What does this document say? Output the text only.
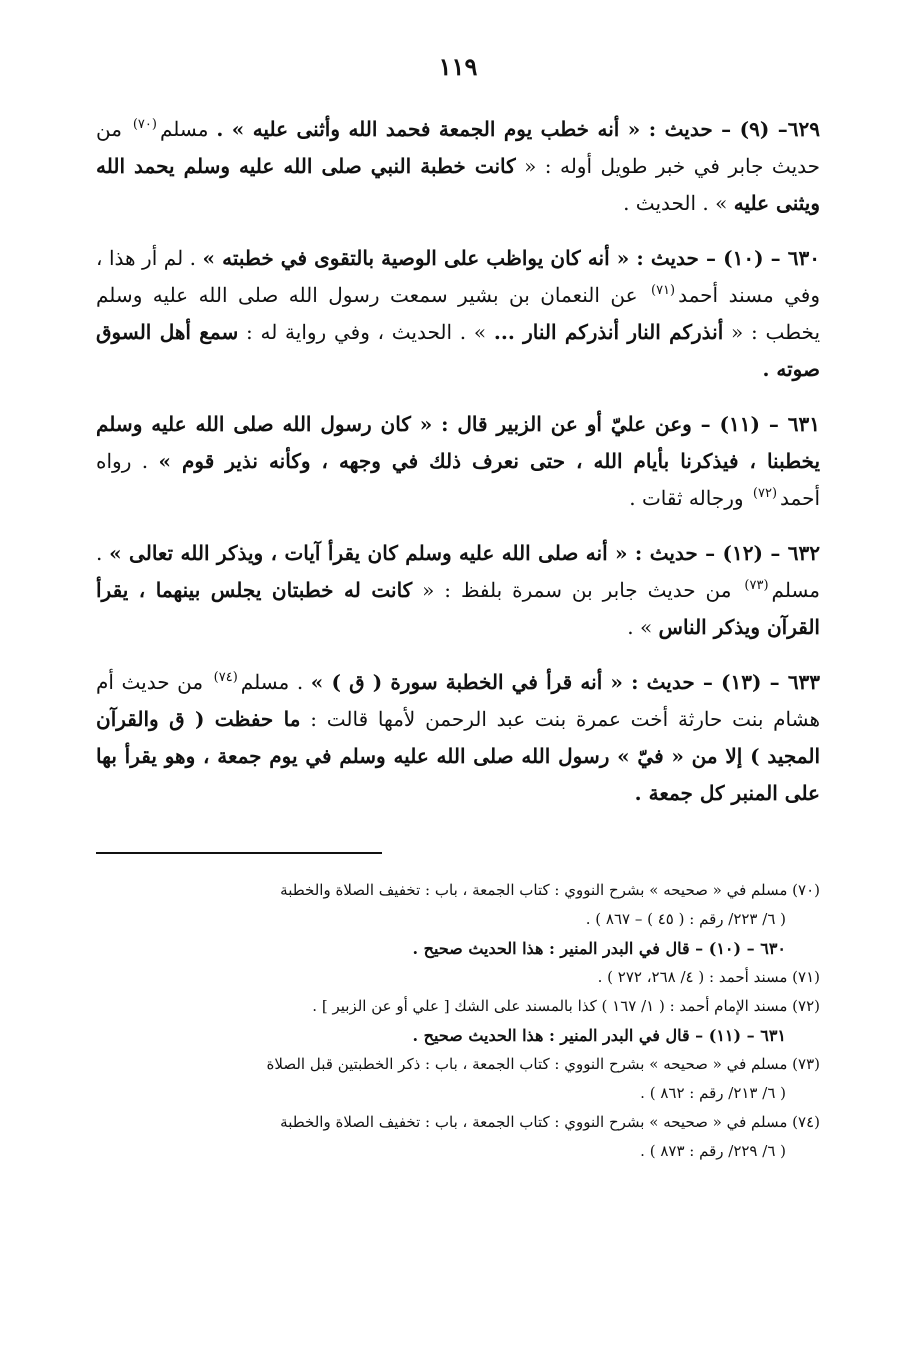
١١٩
٦٢٩– (٩) – حديث : « أنه خطب يوم الجمعة فحمد الله وأثنى عليه » . مسلم$^{(٧٠)}$ من حديث جابر في خبر طويل أوله : « كانت خطبة النبي صلى الله عليه وسلم يحمد الله ويثنى عليه » . الحديث .
٦٣٠ – (١٠) – حديث : « أنه كان يواظب على الوصية بالتقوى في خطبته » . لم أر هذا ، وفي مسند أحمد$^{(٧١)}$ عن النعمان بن بشير سمعت رسول الله صلى الله عليه وسلم يخطب : « أنذركم النار أنذركم النار ... » . الحديث ، وفي رواية له : سمع أهل السوق صوته .
٦٣١ – (١١) – وعن عليّ أو عن الزبير قال : « كان رسول الله صلى الله عليه وسلم يخطبنا ، فيذكرنا بأيام الله ، حتى نعرف ذلك في وجهه ، وكأنه نذير قوم » . رواه أحمد$^{(٧٢)}$ ورجاله ثقات .
٦٣٢ – (١٢) – حديث : « أنه صلى الله عليه وسلم كان يقرأ آيات ، ويذكر الله تعالى » . مسلم$^{(٧٣)}$ من حديث جابر بن سمرة بلفظ : « كانت له خطبتان يجلس بينهما ، يقرأ القرآن ويذكر الناس » .
٦٣٣ – (١٣) – حديث : « أنه قرأ في الخطبة سورة ( ق ) » . مسلم$^{(٧٤)}$ من حديث أم هشام بنت حارثة أخت عمرة بنت عبد الرحمن لأمها قالت : ما حفظت ( ق والقرآن المجيد ) إلا من « فيّ » رسول الله صلى الله عليه وسلم في يوم جمعة ، وهو يقرأ بها على المنبر كل جمعة .
(٧٠) مسلم في « صحيحه » بشرح النووي : كتاب الجمعة ، باب : تخفيف الصلاة والخطبة
( ٦/ ٢٢٣/ رقم : ( ٤٥ ) – ٨٦٧ ) .
٦٣٠ – (١٠) – قال في البدر المنير : هذا الحديث صحيح .
(٧١) مسند أحمد : ( ٤/ ٢٦٨، ٢٧٢ ) .
(٧٢) مسند الإمام أحمد : ( ١/ ١٦٧ ) كذا بالمسند على الشك [ علي أو عن الزبير ] .
٦٣١ – (١١) – قال في البدر المنير : هذا الحديث صحيح .
(٧٣) مسلم في « صحيحه » بشرح النووي : كتاب الجمعة ، باب : ذكر الخطبتين قبل الصلاة
( ٦/ ٢١٣/ رقم : ٨٦٢ ) .
(٧٤) مسلم في « صحيحه » بشرح النووي : كتاب الجمعة ، باب : تخفيف الصلاة والخطبة
( ٦/ ٢٢٩/ رقم : ٨٧٣ ) .
